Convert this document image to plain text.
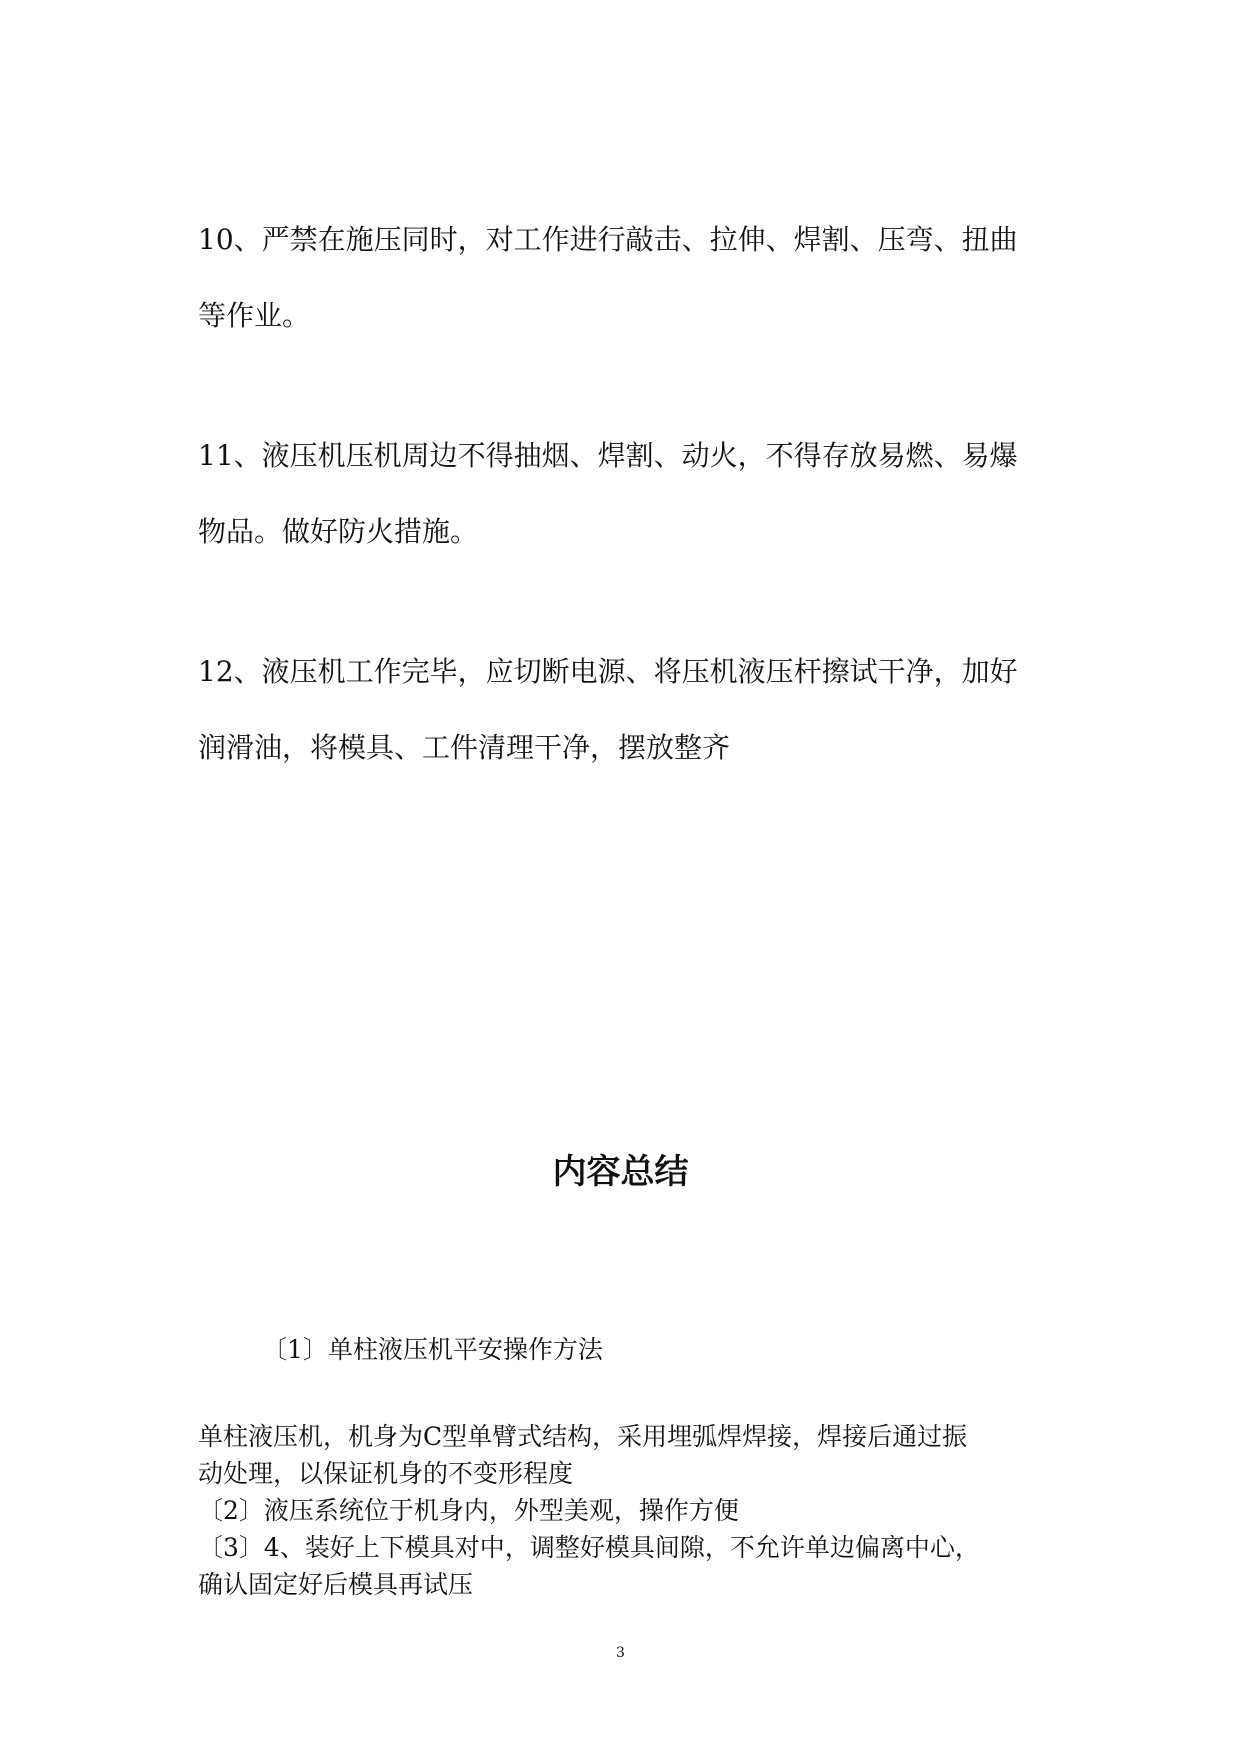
10、严禁在施压同时，对工作进行敲击、拉伸、焊割、压弯、扭曲
等作业。
11、液压机压机周边不得抽烟、焊割、动火，不得存放易燃、易爆
物品。做好防火措施。
12、液压机工作完毕，应切断电源、将压机液压杆擦试干净，加好
润滑油，将模具、工件清理干净，摆放整齐
内容总结
〔1〕单柱液压机平安操作方法
单柱液压机，机身为C型单臂式结构，采用埋弧焊焊接，焊接后通过振
动处理，以保证机身的不变形程度
〔2〕液压系统位于机身内，外型美观，操作方便
〔3〕4、装好上下模具对中，调整好模具间隙，不允许单边偏离中心，
确认固定好后模具再试压
3
